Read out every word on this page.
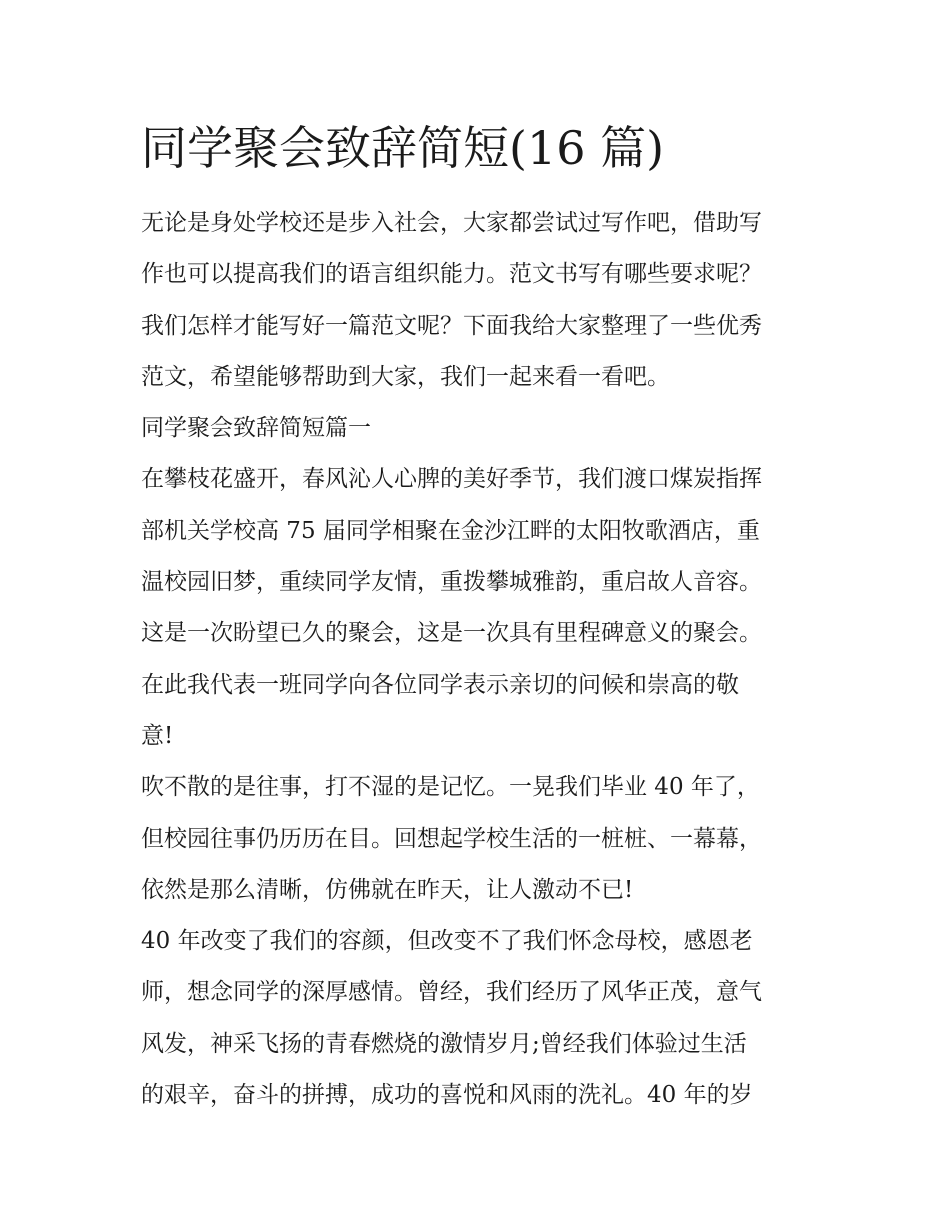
同学聚会致辞简短(16 篇)
无论是身处学校还是步入社会，大家都尝试过写作吧，借助写
作也可以提高我们的语言组织能力。范文书写有哪些要求呢？
我们怎样才能写好一篇范文呢？下面我给大家整理了一些优秀
范文，希望能够帮助到大家，我们一起来看一看吧。
同学聚会致辞简短篇一
在攀枝花盛开，春风沁人心脾的美好季节，我们渡口煤炭指挥
部机关学校高 75 届同学相聚在金沙江畔的太阳牧歌酒店，重
温校园旧梦，重续同学友情，重拨攀城雅韵，重启故人音容。
这是一次盼望已久的聚会，这是一次具有里程碑意义的聚会。
在此我代表一班同学向各位同学表示亲切的问候和崇高的敬
意!
吹不散的是往事，打不湿的是记忆。一晃我们毕业 40 年了，
但校园往事仍历历在目。回想起学校生活的一桩桩、一幕幕，
依然是那么清晰，仿佛就在昨天，让人激动不已!
40 年改变了我们的容颜，但改变不了我们怀念母校，感恩老
师，想念同学的深厚感情。曾经，我们经历了风华正茂，意气
风发，神采飞扬的青春燃烧的激情岁月;曾经我们体验过生活
的艰辛，奋斗的拼搏，成功的喜悦和风雨的洗礼。40 年的岁
